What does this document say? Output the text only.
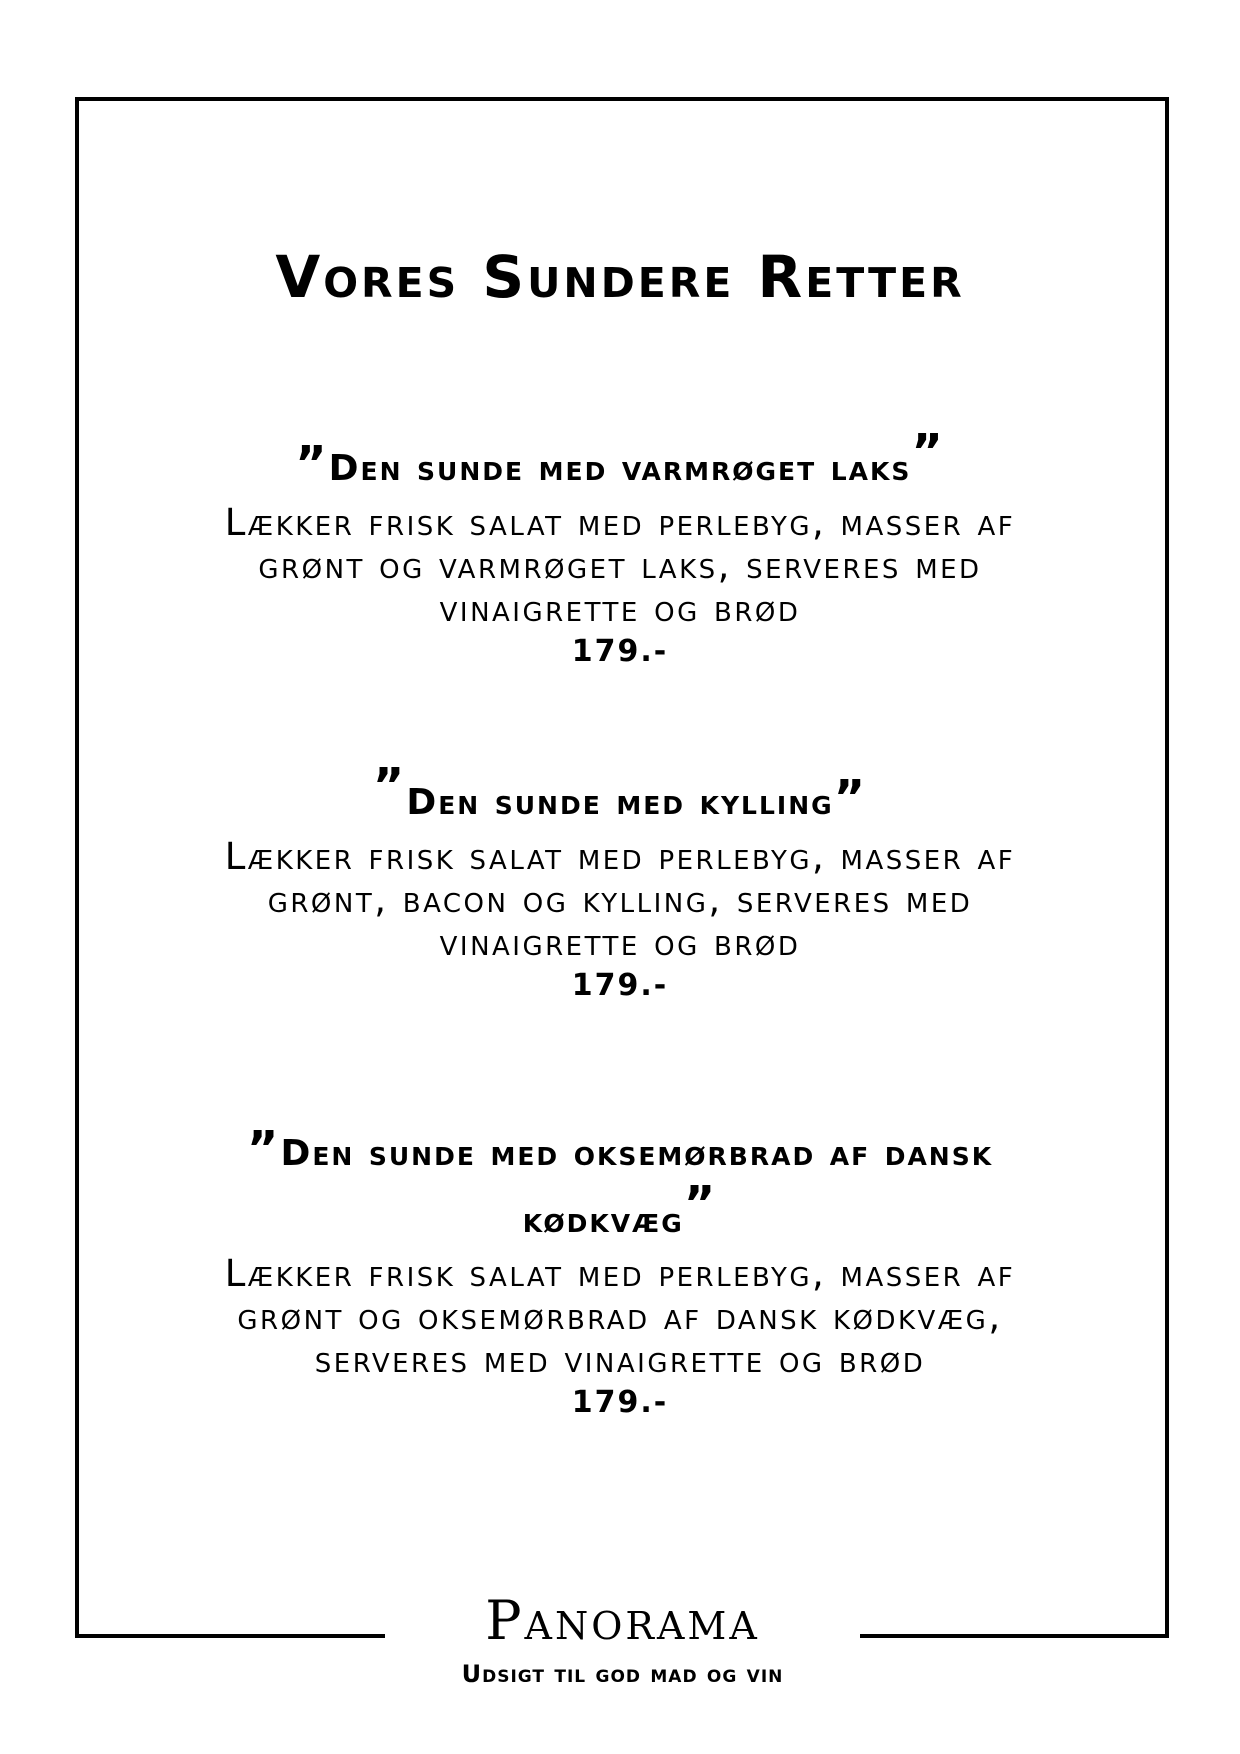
Vores Sundere Retter

”Den sunde med varmrøget laks”

Lækker frisk salat med perlebyg, masser af

grønt og varmrøget laks, serveres med

vinaigrette og brød

179.-

”Den sunde med kylling”

Lækker frisk salat med perlebyg, masser af

grønt, bacon og kylling, serveres med

vinaigrette og brød

179.-

”Den sunde med oksemørbrad af dansk

kødkvæg”

Lækker frisk salat med perlebyg, masser af

grønt og oksemørbrad af dansk kødkvæg,

serveres med vinaigrette og brød

179.-

Panorama

Udsigt til god mad og vin
